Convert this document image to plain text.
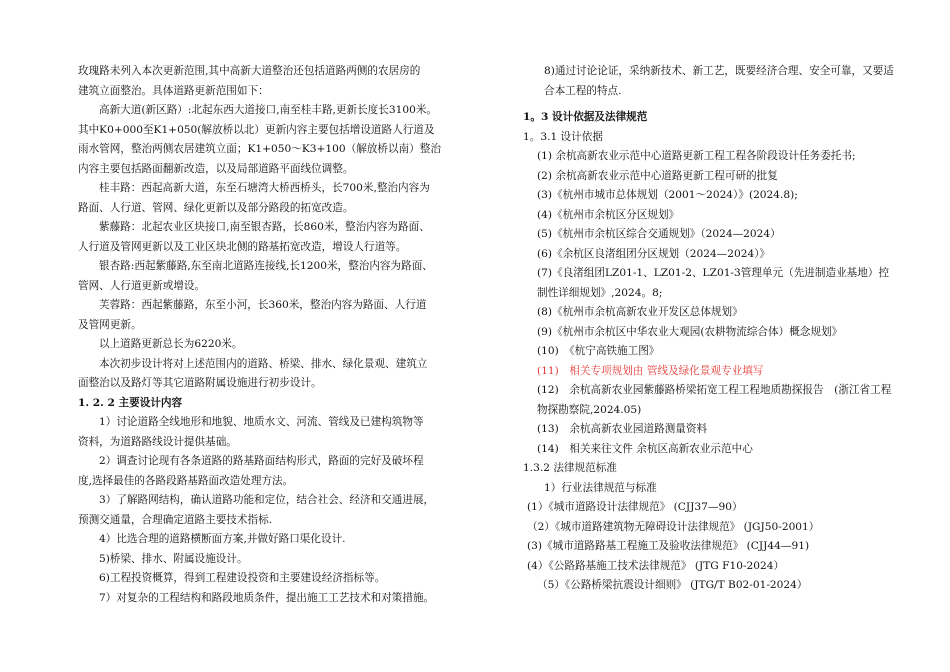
玫瑰路未列入本次更新范围,其中高新大道整治还包括道路两侧的农居房的
建筑立面整治。具体道路更新范围如下：
高新大道(新区路）:北起东西大道接口,南至桂丰路,更新长度长3100米。
其中K0+000至K1+050(解放桥以北）更新内容主要包括增设道路人行道及
雨水管网，整治两侧农居建筑立面；K1+050～K3+100（解放桥以南）整治
内容主要包括路面翻新改造，以及局部道路平面线位调整。
桂丰路：西起高新大道，东至石塘湾大桥西桥头，长700米,整治内容为
路面、人行道、管网、绿化更新以及部分路段的拓宽改造。
紫藤路：北起农业区块接口,南至银杏路，长860米，整治内容为路面、
人行道及管网更新以及工业区块北侧的路基拓宽改造，增设人行道等。
银杏路:西起紫藤路,东至南北道路连接线,长1200米，整治内容为路面、
管网、人行道更新或增设。
芙蓉路：西起紫藤路，东至小河，长360米，整治内容为路面、人行道
及管网更新。
以上道路更新总长为6220米。
本次初步设计将对上述范围内的道路、桥梁、排水、绿化景观、建筑立
面整治以及路灯等其它道路附属设施进行初步设计。
1. 2. 2 主要设计内容
1）讨论道路全线地形和地貌、地质水文、河流、管线及已建构筑物等
资料，为道路路线设计提供基础。
2）调查讨论现有各条道路的路基路面结构形式，路面的完好及破坏程
度,选择最佳的各路段路基路面改造处理方法。
3）了解路网结构，确认道路功能和定位，结合社会、经济和交通进展，
预测交通量，合理确定道路主要技术指标.
4）比选合理的道路横断面方案,并做好路口渠化设计.
5)桥梁、排水、附属设施设计。
6)工程投资概算，得到工程建设投资和主要建设经济指标等。
7）对复杂的工程结构和路段地质条件，提出施工工艺技术和对策措施。
8)通过讨论论证，采纳新技术、新工艺，既要经济合理、安全可靠，又要适合本工程的特点.
1。3 设计依据及法律规范
1。3.1 设计依据
(1) 余杭高新农业示范中心道路更新工程工程各阶段设计任务委托书;
(2) 余杭高新农业示范中心道路更新工程可研的批复
(3)《杭州市城市总体规划（2001～2024）》(2024.8);
(4)《杭州市余杭区分区规划》
(5)《杭州市余杭区综合交通规划》（2024—2024）
(6)《余杭区良渚组团分区规划（2024—2024）》
(7)《良渚组团LZ01-1、LZ01-2、LZ01-3管理单元（先进制造业基地）控制性详细规划》,2024。8;
(8)《杭州市余杭高新农业开发区总体规划》
(9)《杭州市余杭区中华农业大观园(农耕物流综合体）概念规划》
(10)　《杭宁高铁施工图》
(11)　相关专项规划由 管线及绿化景观专业填写
(12)　余杭高新农业园紫藤路桥梁拓宽工程工程地质勘探报告　(浙江省工程物探勘察院,2024.05)
(13)　余杭高新农业园道路测量资料
(14)　相关来往文件 余杭区高新农业示范中心
1.3.2 法律规范标准
1）行业法律规范与标准
(1）《城市道路设计法律规范》 (CJJ37—90）
（2）《城市道路建筑物无障碍设计法律规范》 (JGJ50-2001）
(3)《城市道路路基工程施工及验收法律规范》 (CJJ44—91)
(4）《公路路基施工技术法律规范》 (JTG F10-2024）
（5）《公路桥梁抗震设计细则》 (JTG/T B02-01-2024）
